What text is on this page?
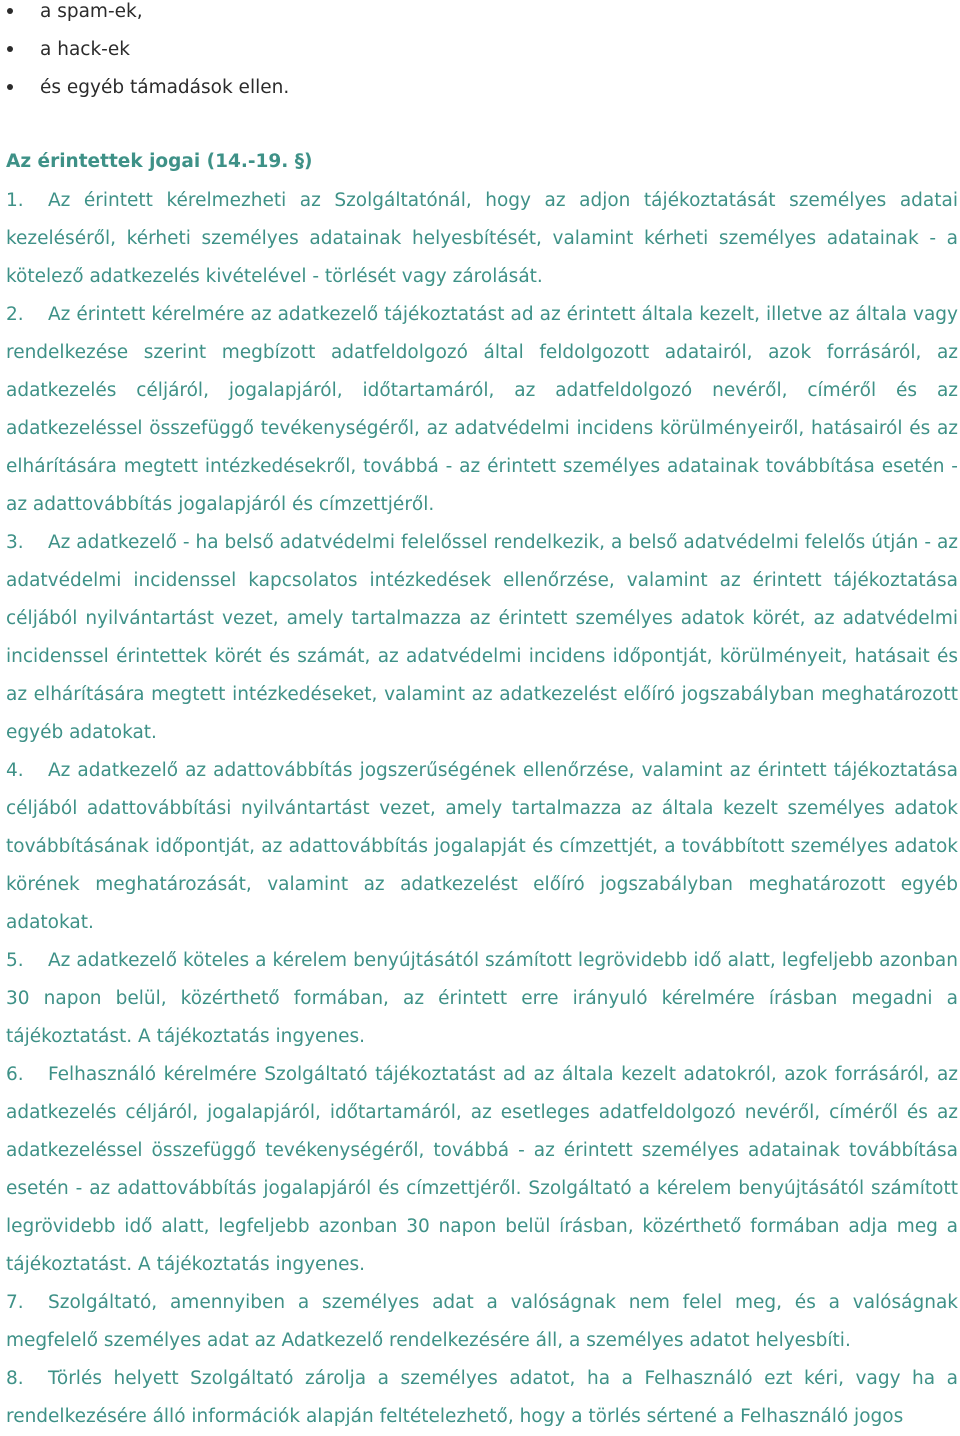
a spam-ek,
a hack-ek
és egyéb támadások ellen.
Az érintettek jogai (14.-19. §)

1. Az érintett kérelmezheti az Szolgáltatónál, hogy az adjon tájékoztatását személyes adatai kezeléséről, kérheti személyes adatainak helyesbítését, valamint kérheti személyes adatainak - a kötelező adatkezelés kivételével - törlését vagy zárolását.

2. Az érintett kérelmére az adatkezelő tájékoztatást ad az érintett általa kezelt, illetve az általa vagy rendelkezése szerint megbízott adatfeldolgozó által feldolgozott adatairól, azok forrásáról, az adatkezelés céljáról, jogalapjáról, időtartamáról, az adatfeldolgozó nevéről, címéről és az adatkezeléssel összefüggő tevékenységéről, az adatvédelmi incidens körülményeiről, hatásairól és az elhárítására megtett intézkedésekről, továbbá - az érintett személyes adatainak továbbítása esetén - az adattovábbítás jogalapjáról és címzettjéről.

3. Az adatkezelő - ha belső adatvédelmi felelőssel rendelkezik, a belső adatvédelmi felelős útján - az adatvédelmi incidenssel kapcsolatos intézkedések ellenőrzése, valamint az érintett tájékoztatása céljából nyilvántartást vezet, amely tartalmazza az érintett személyes adatok körét, az adatvédelmi incidenssel érintettek körét és számát, az adatvédelmi incidens időpontját, körülményeit, hatásait és az elhárítására megtett intézkedéseket, valamint az adatkezelést előíró jogszabályban meghatározott egyéb adatokat.

4. Az adatkezelő az adattovábbítás jogszerűségének ellenőrzése, valamint az érintett tájékoztatása céljából adattovábbítási nyilvántartást vezet, amely tartalmazza az általa kezelt személyes adatok továbbításának időpontját, az adattovábbítás jogalapját és címzettjét, a továbbított személyes adatok körének meghatározását, valamint az adatkezelést előíró jogszabályban meghatározott egyéb adatokat.

5. Az adatkezelő köteles a kérelem benyújtásától számított legrövidebb idő alatt, legfeljebb azonban 30 napon belül, közérthető formában, az érintett erre irányuló kérelmére írásban megadni a tájékoztatást. A tájékoztatás ingyenes.

6. Felhasználó kérelmére Szolgáltató tájékoztatást ad az általa kezelt adatokról, azok forrásáról, az adatkezelés céljáról, jogalapjáról, időtartamáról, az esetleges adatfeldolgozó nevéről, címéről és az adatkezeléssel összefüggő tevékenységéről, továbbá - az érintett személyes adatainak továbbítása esetén - az adattovábbítás jogalapjáról és címzettjéről. Szolgáltató a kérelem benyújtásától számított legrövidebb idő alatt, legfeljebb azonban 30 napon belül írásban, közérthető formában adja meg a tájékoztatást. A tájékoztatás ingyenes.

7. Szolgáltató, amennyiben a személyes adat a valóságnak nem felel meg, és a valóságnak megfelelő személyes adat az Adatkezelő rendelkezésére áll, a személyes adatot helyesbíti.

8. Törlés helyett Szolgáltató zárolja a személyes adatot, ha a Felhasználó ezt kéri, vagy ha a rendelkezésére álló információk alapján feltételezhető, hogy a törlés sértené a Felhasználó jogos
